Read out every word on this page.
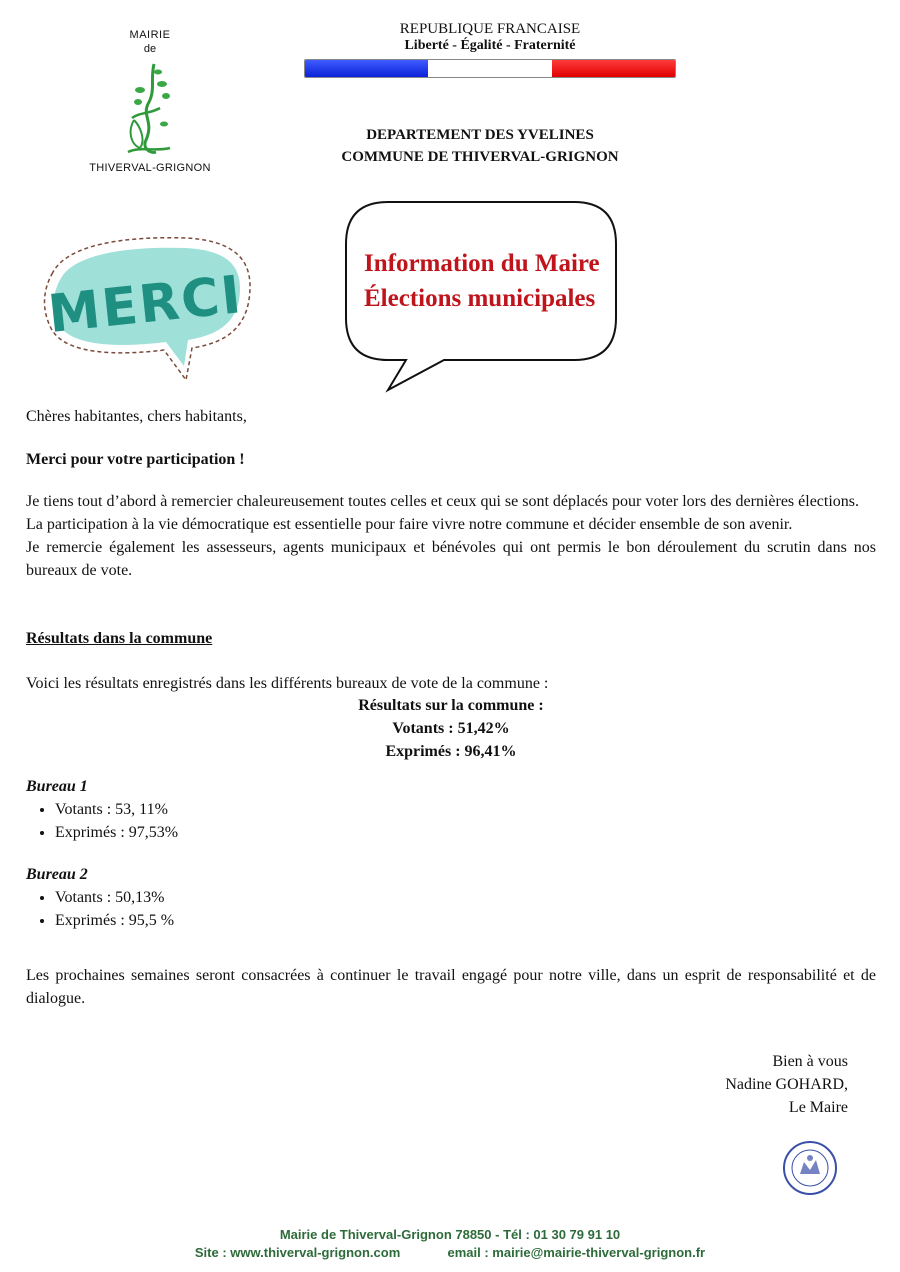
MAIRIE
de
THIVERVAL-GRIGNON
REPUBLIQUE FRANCAISE
Liberté - Égalité - Fraternité
DEPARTEMENT DES YVELINES
COMMUNE DE THIVERVAL-GRIGNON
MERCI
Information du Maire
Élections municipales
Chères habitantes, chers habitants,
Merci pour votre participation !

Je tiens tout d’abord à remercier chaleureusement toutes celles et ceux qui se sont déplacés pour voter lors des dernières élections.

La participation à la vie démocratique est essentielle pour faire vivre notre commune et décider ensemble de son avenir.

Je remercie également les assesseurs, agents municipaux et bénévoles qui ont permis le bon déroulement du scrutin dans nos bureaux de vote.

Résultats dans la commune
Voici les résultats enregistrés dans les différents bureaux de vote de la commune :
Résultats sur la commune :
Votants : 51,42%
Exprimés : 96,41%
Bureau 1
• Votants : 53, 11%
• Exprimés : 97,53%
Bureau 2
• Votants : 50,13%
• Exprimés : 95,5 %
Les prochaines semaines seront consacrées à continuer le travail engagé pour notre ville, dans un esprit de responsabilité et de dialogue.
Bien à vous
Nadine GOHARD,
Le Maire
Mairie de Thiverval-Grignon 78850 - Tél : 01 30 79 91 10
Site : www.thiverval-grignon.com	email : mairie@mairie-thiverval-grignon.fr
